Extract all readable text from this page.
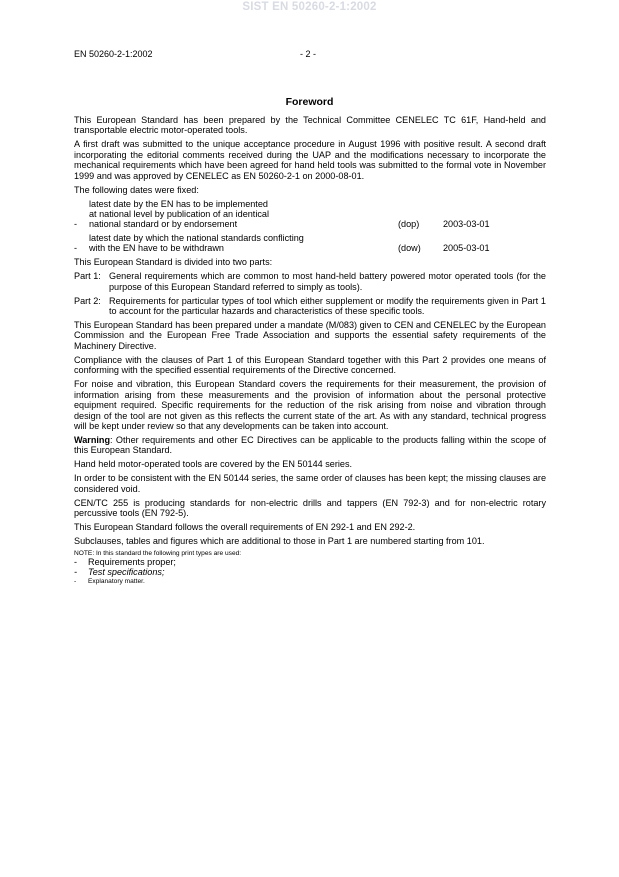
SIST EN 50260-2-1:2002
EN 50260-2-1:2002	- 2 -
Foreword

This European Standard has been prepared by the Technical Committee CENELEC TC 61F, Hand-held and transportable electric motor-operated tools.

A first draft was submitted to the unique acceptance procedure in August 1996 with positive result. A second draft incorporating the editorial comments received during the UAP and the modifications necessary to incorporate the mechanical requirements which have been agreed for hand held tools was submitted to the formal vote in November 1999 and was approved by CENELEC as EN 50260-2-1 on 2000-08-01.

The following dates were fixed:

-
latest date by the EN has to be implemented
at national level by publication of an identical
national standard or by endorsement	(dop)	2003-03-01
-
latest date by which the national standards conflicting
with the EN have to be withdrawn	(dow)	2005-03-01

This European Standard is divided into two parts:

Part 1: General requirements which are common to most hand-held battery powered motor operated tools (for the purpose of this European Standard referred to simply as tools).
Part 2: Requirements for particular types of tool which either supplement or modify the requirements given in Part 1 to account for the particular hazards and characteristics of these specific tools.

This European Standard has been prepared under a mandate (M/083) given to CEN and CENELEC by the European Commission and the European Free Trade Association and supports the essential safety requirements of the Machinery Directive.

Compliance with the clauses of Part 1 of this European Standard together with this Part 2 provides one means of conforming with the specified essential requirements of the Directive concerned.

For noise and vibration, this European Standard covers the requirements for their measurement, the provision of information arising from these measurements and the provision of information about the personal protective equipment required. Specific requirements for the reduction of the risk arising from noise and vibration through design of the tool are not given as this reflects the current state of the art. As with any standard, technical progress will be kept under review so that any developments can be taken into account.

Warning: Other requirements and other EC Directives can be applicable to the products falling within the scope of this European Standard.

Hand held motor-operated tools are covered by the EN 50144 series.

In order to be consistent with the EN 50144 series, the same order of clauses has been kept; the missing clauses are considered void.

CEN/TC 255 is producing standards for non-electric drills and tappers (EN 792-3) and for non-electric rotary percussive tools (EN 792-5).

This European Standard follows the overall requirements of EN 292-1 and EN 292-2.

Subclauses, tables and figures which are additional to those in Part 1 are numbered starting from 101.

NOTE: In this standard the following print types are used:
-	Requirements proper;
-	Test specifications;
-	Explanatory matter.
